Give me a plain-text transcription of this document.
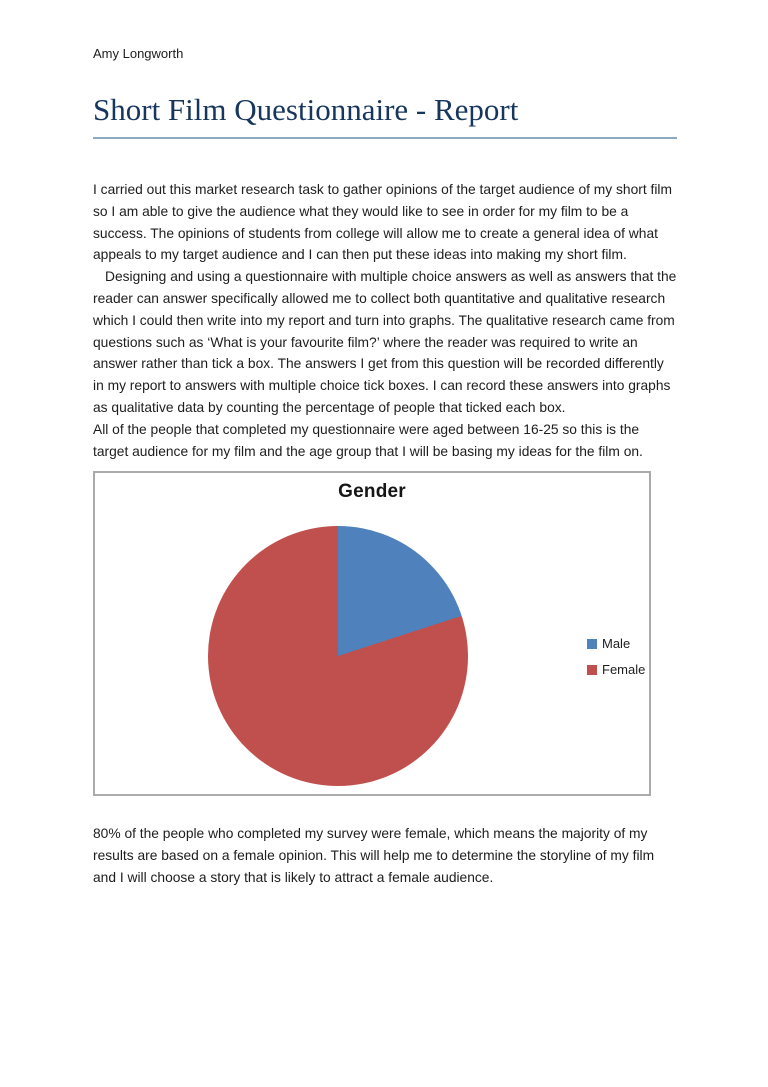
Amy Longworth

Short Film Questionnaire - Report

I carried out this market research task to gather opinions of the target audience of my short film so I am able to give the audience what they would like to see in order for my film to be a success. The opinions of students from college will allow me to create a general idea of what appeals to my target audience and I can then put these ideas into making my short film.

Designing and using a questionnaire with multiple choice answers as well as answers that the reader can answer specifically allowed me to collect both quantitative and qualitative research which I could then write into my report and turn into graphs. The qualitative research came from questions such as ‘What is your favourite film?’ where the reader was required to write an answer rather than tick a box. The answers I get from this question will be recorded differently in my report to answers with multiple choice tick boxes. I can record these answers into graphs as qualitative data by counting the percentage of people that ticked each box.

All of the people that completed my questionnaire were aged between 16-25 so this is the target audience for my film and the age group that I will be basing my ideas for the film on.

Gender
Male
Female

80% of the people who completed my survey were female, which means the majority of my results are based on a female opinion. This will help me to determine the storyline of my film and I will choose a story that is likely to attract a female audience.
